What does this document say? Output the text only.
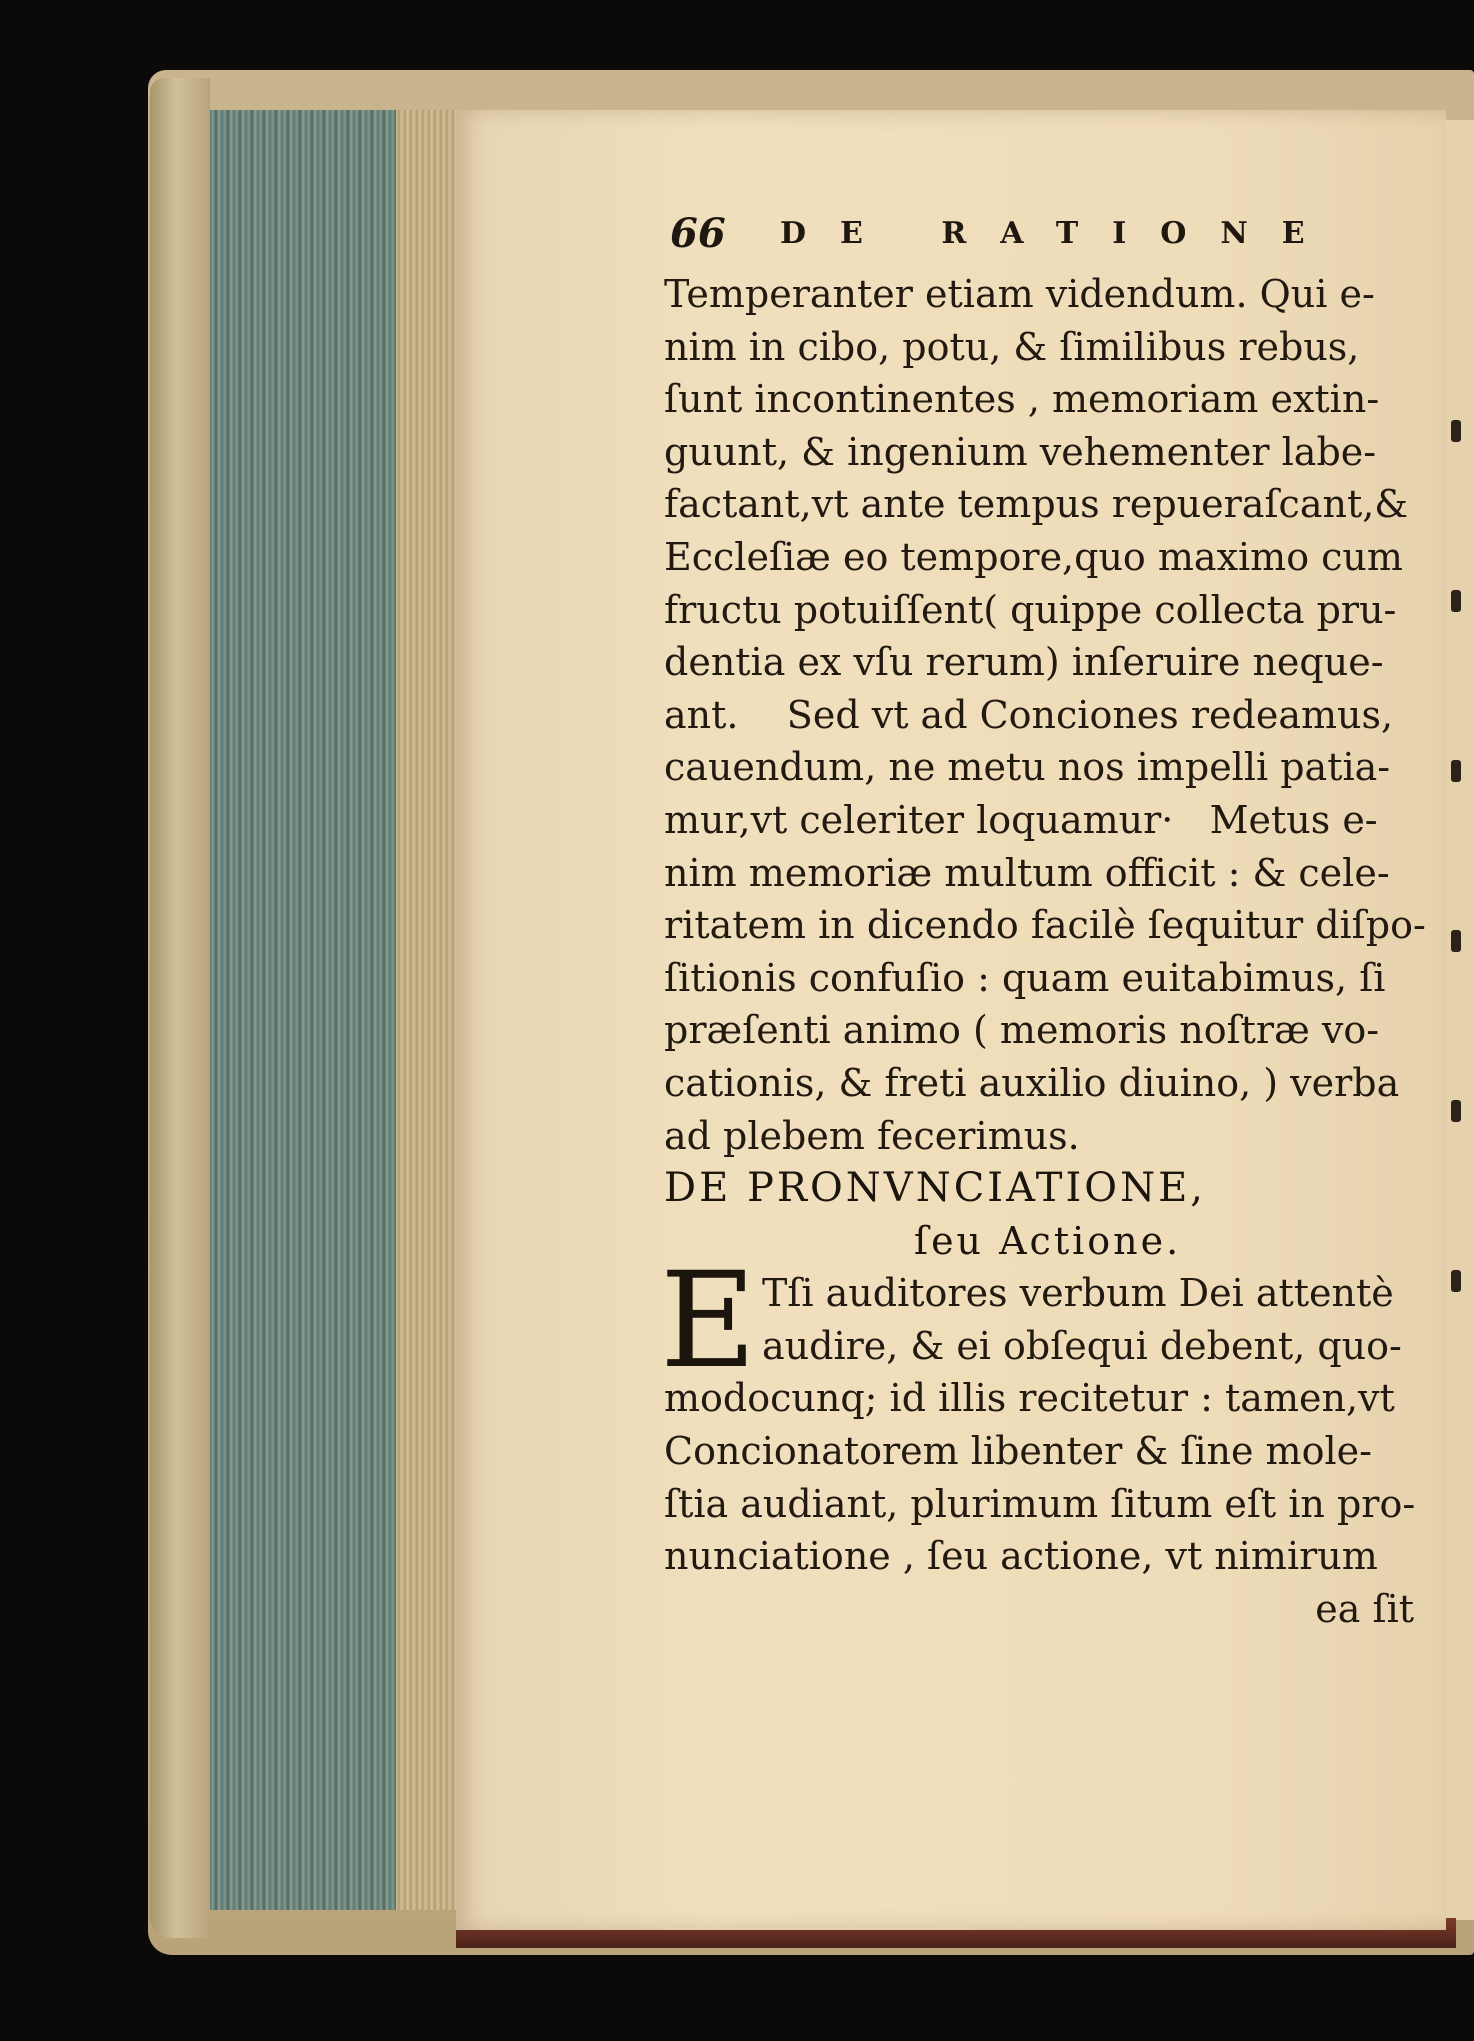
66 DE RATIONE
Temperanter etiam videndum. Qui e-
nim in cibo, potu, & ſimilibus rebus,
ſunt incontinentes , memoriam extin-
guunt, & ingenium vehementer labe-
factant,vt ante tempus repueraſcant,&
Eccleſiæ eo tempore,quo maximo cum
fructu potuiſſent( quippe collecta pru-
dentia ex vſu rerum) inſeruire neque-
ant.    Sed vt ad Conciones redeamus,
cauendum, ne metu nos impelli patia-
mur,vt celeriter loquamur·   Metus e-
nim memoriæ multum officit : & cele-
ritatem in dicendo facilè ſequitur diſpo-
ſitionis confuſio : quam euitabimus, ſi
præſenti animo ( memoris noſtræ vo-
cationis, & freti auxilio diuino, ) verba
ad plebem fecerimus.
DE PRONVNCIATIONE,
ſeu Actione.
E Tſi auditores verbum Dei attentè
audire, & ei obſequi debent, quo-
modocunq; id illis recitetur : tamen,vt
Concionatorem libenter & ſine mole-
ſtia audiant, plurimum ſitum eſt in pro-
nunciatione , ſeu actione, vt nimirum
ea ſit
